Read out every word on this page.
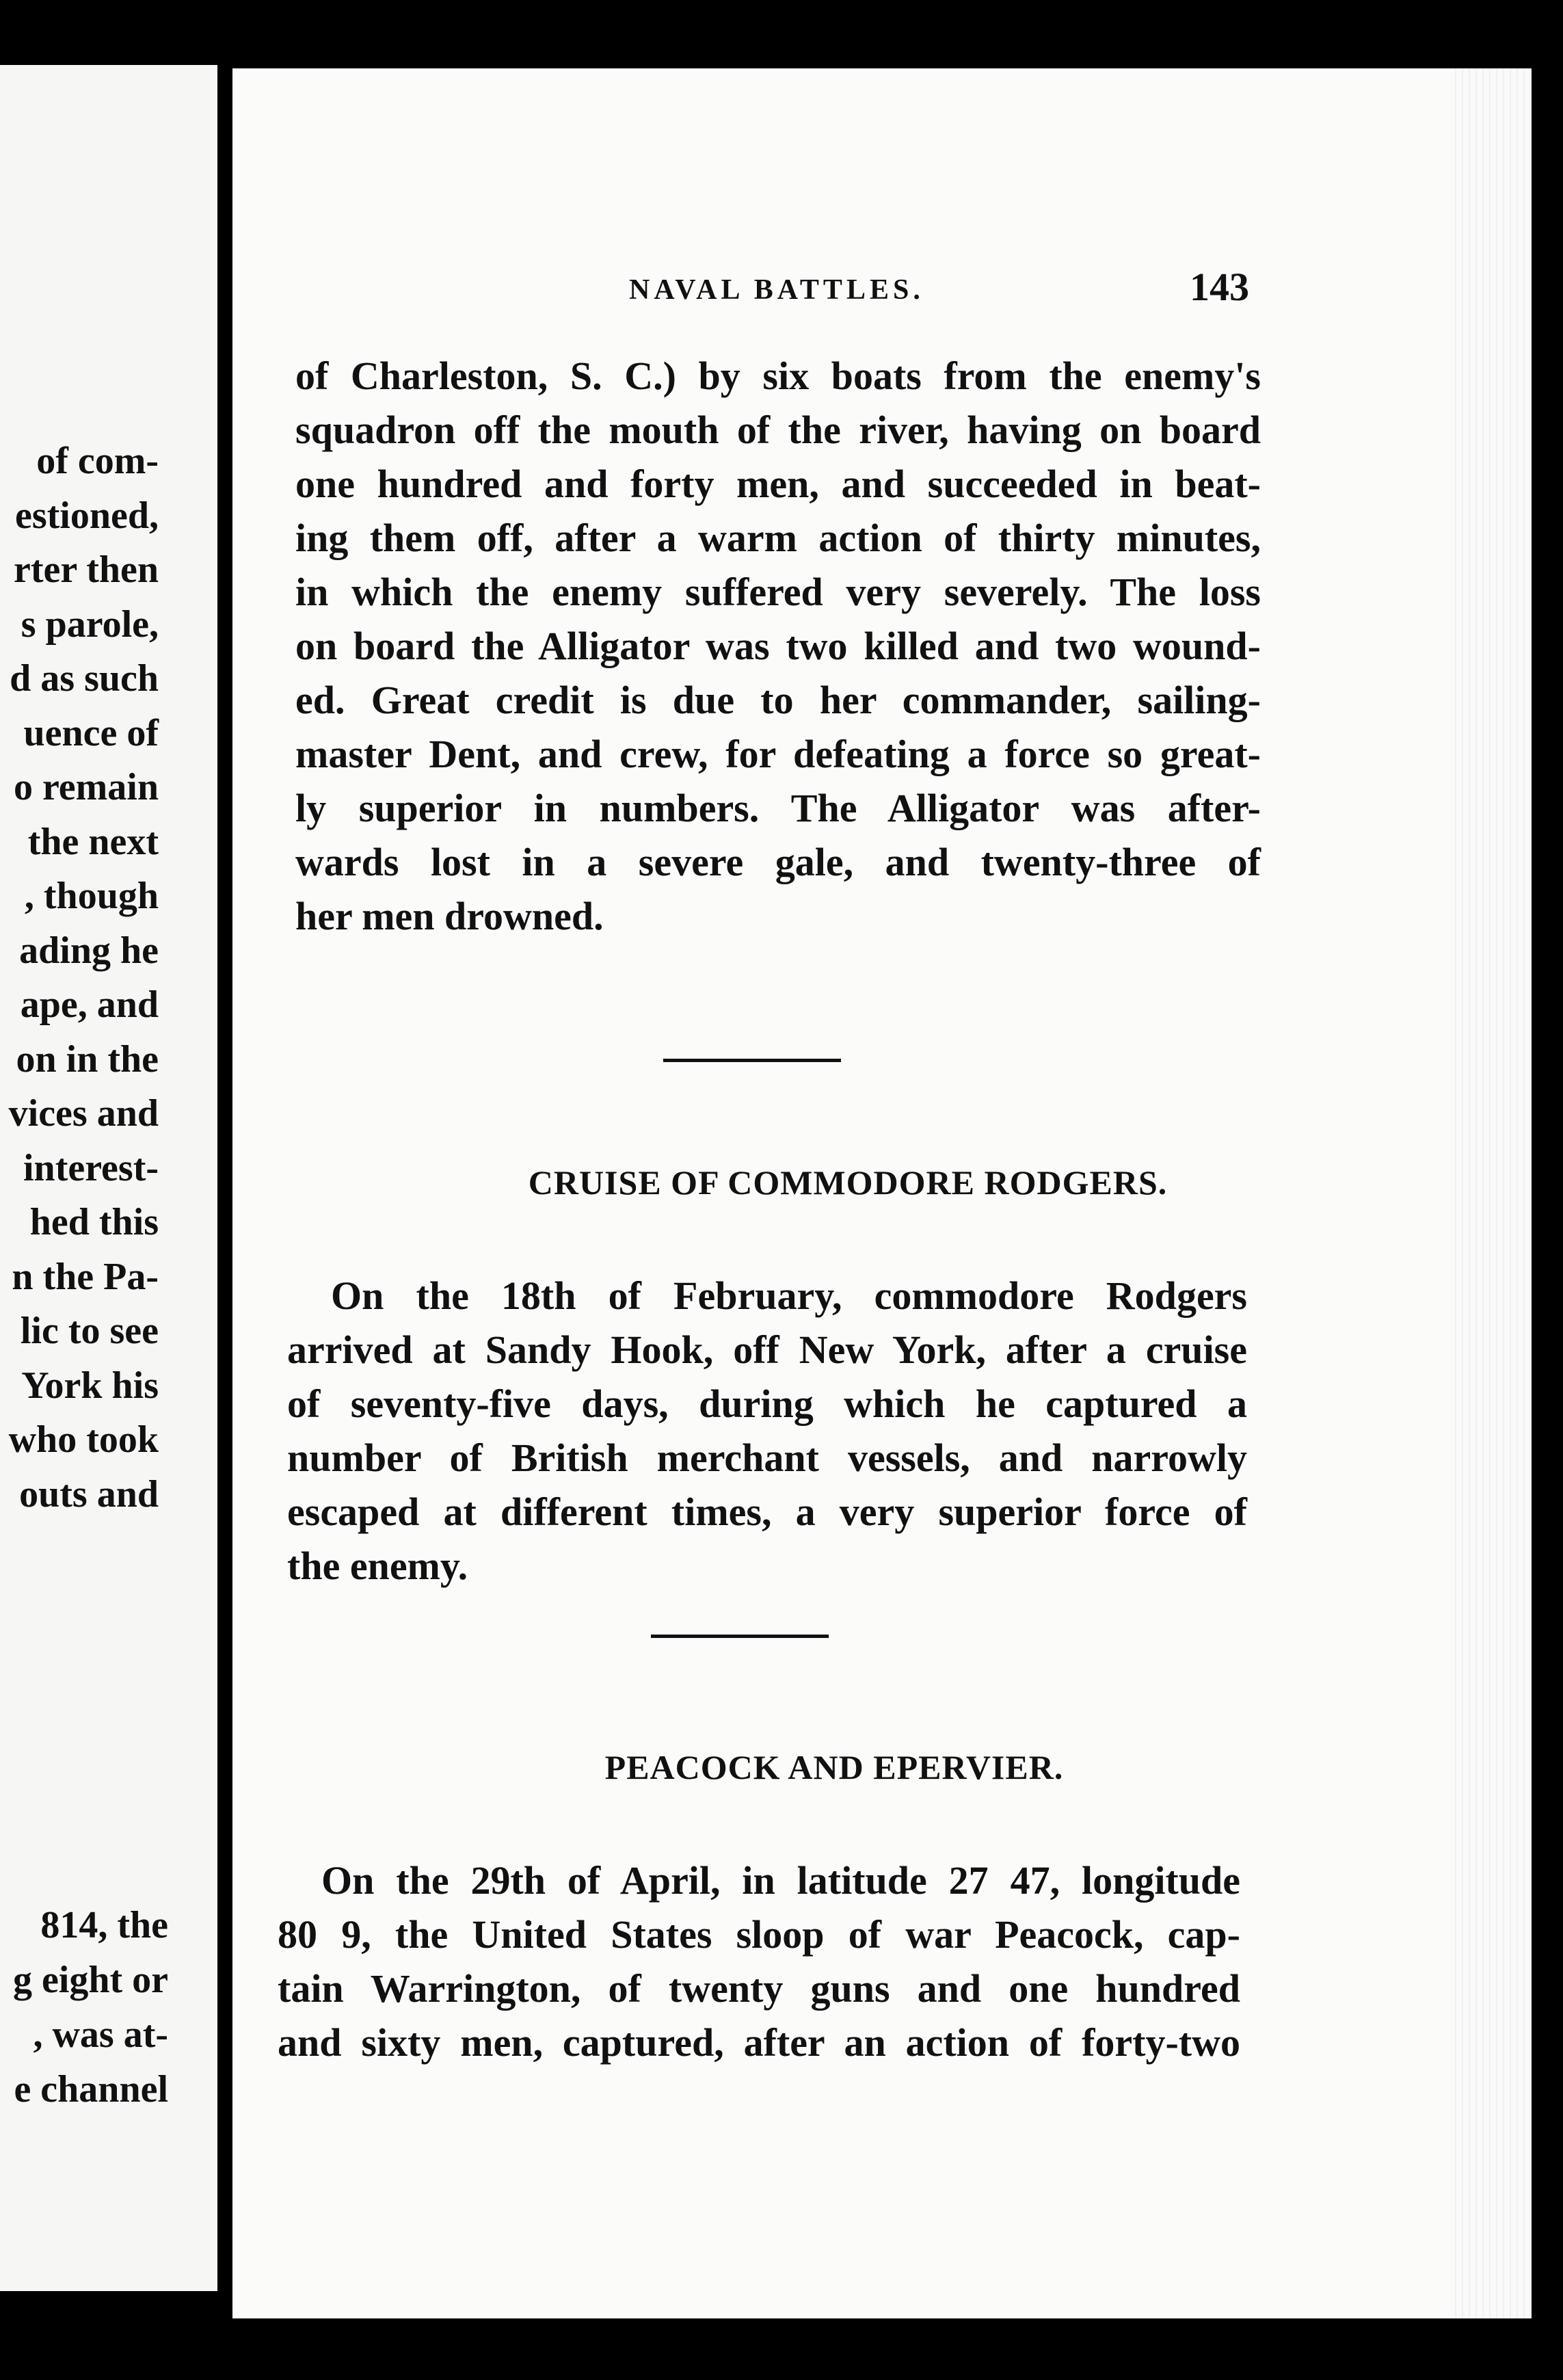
of com-
estioned,
rter then
s parole,
d as such
uence of
o remain
the next
, though
ading he
ape, and
on in the
vices and
interest-
hed this
n the Pa-
lic to see
York his
who took
outs and
814, the
g eight or
, was at-
e channel
NAVAL BATTLES.	143
of Charleston, S. C.) by six boats from the enemy's
squadron off the mouth of the river, having on board
one hundred and forty men, and succeeded in beat-
ing them off, after a warm action of thirty minutes,
in which the enemy suffered very severely. The loss
on board the Alligator was two killed and two wound-
ed. Great credit is due to her commander, sailing-
master Dent, and crew, for defeating a force so great-
ly superior in numbers. The Alligator was after-
wards lost in a severe gale, and twenty-three of
her men drowned.
CRUISE OF COMMODORE RODGERS.
On the 18th of February, commodore Rodgers
arrived at Sandy Hook, off New York, after a cruise
of seventy-five days, during which he captured a
number of British merchant vessels, and narrowly
escaped at different times, a very superior force of
the enemy.
PEACOCK AND EPERVIER.
On the 29th of April, in latitude 27 47, longitude
80 9, the United States sloop of war Peacock, cap-
tain Warrington, of twenty guns and one hundred
and sixty men, captured, after an action of forty-two
